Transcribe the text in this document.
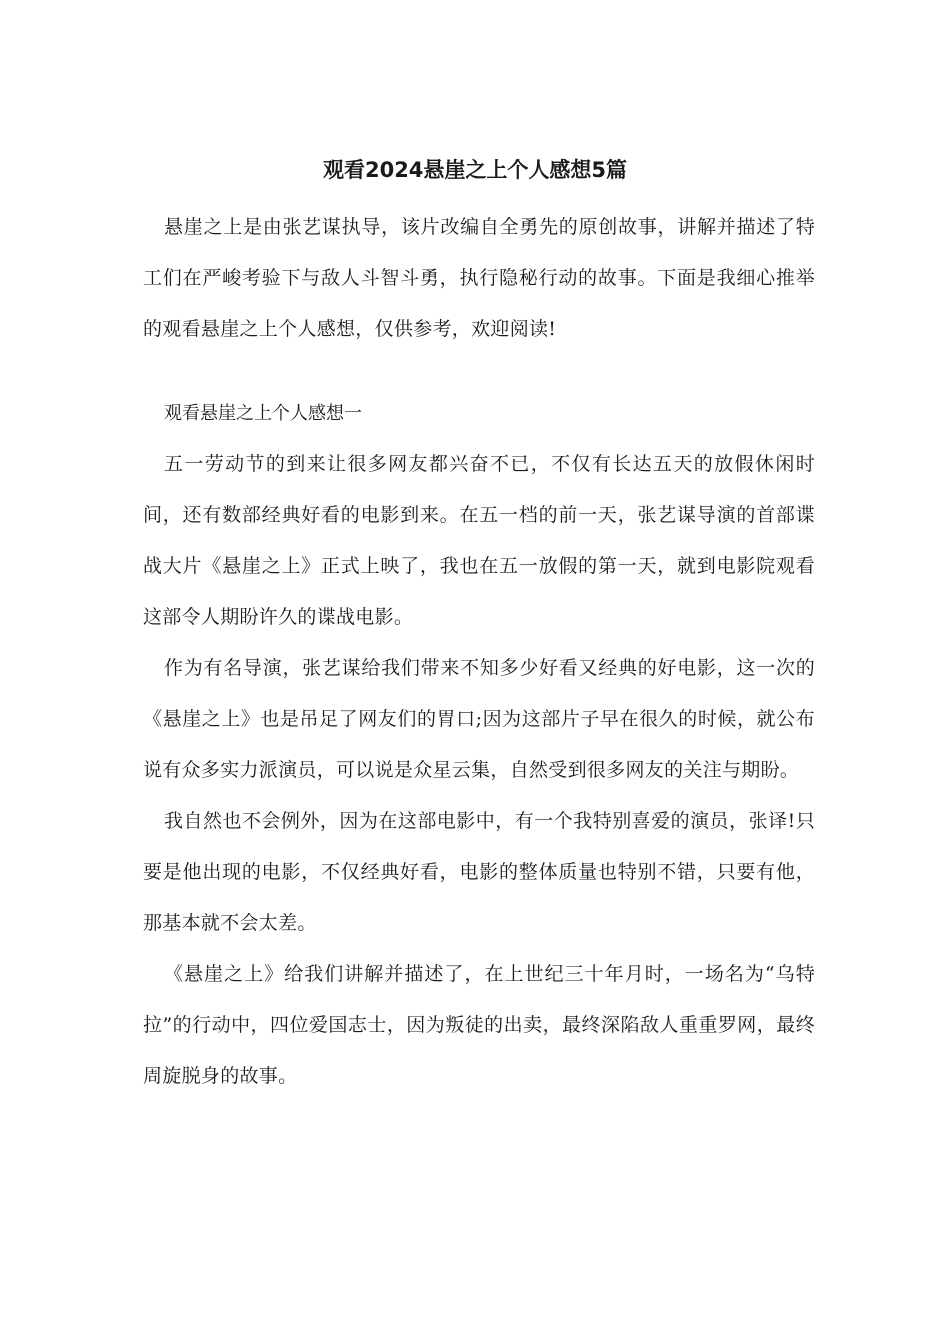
观看2024悬崖之上个人感想5篇

悬崖之上是由张艺谋执导，该片改编自全勇先的原创故事，讲解并描述了特工们在严峻考验下与敌人斗智斗勇，执行隐秘行动的故事。下面是我细心推举的观看悬崖之上个人感想，仅供参考，欢迎阅读!

观看悬崖之上个人感想一

五一劳动节的到来让很多网友都兴奋不已，不仅有长达五天的放假休闲时间，还有数部经典好看的电影到来。在五一档的前一天，张艺谋导演的首部谍战大片《悬崖之上》正式上映了，我也在五一放假的第一天，就到电影院观看这部令人期盼许久的谍战电影。

作为有名导演，张艺谋给我们带来不知多少好看又经典的好电影，这一次的《悬崖之上》也是吊足了网友们的胃口;因为这部片子早在很久的时候，就公布说有众多实力派演员，可以说是众星云集，自然受到很多网友的关注与期盼。

我自然也不会例外，因为在这部电影中，有一个我特别喜爱的演员，张译!只要是他出现的电影，不仅经典好看，电影的整体质量也特别不错，只要有他，那基本就不会太差。

《悬崖之上》给我们讲解并描述了，在上世纪三十年月时，一场名为“乌特拉”的行动中，四位爱国志士，因为叛徒的出卖，最终深陷敌人重重罗网，最终周旋脱身的故事。
